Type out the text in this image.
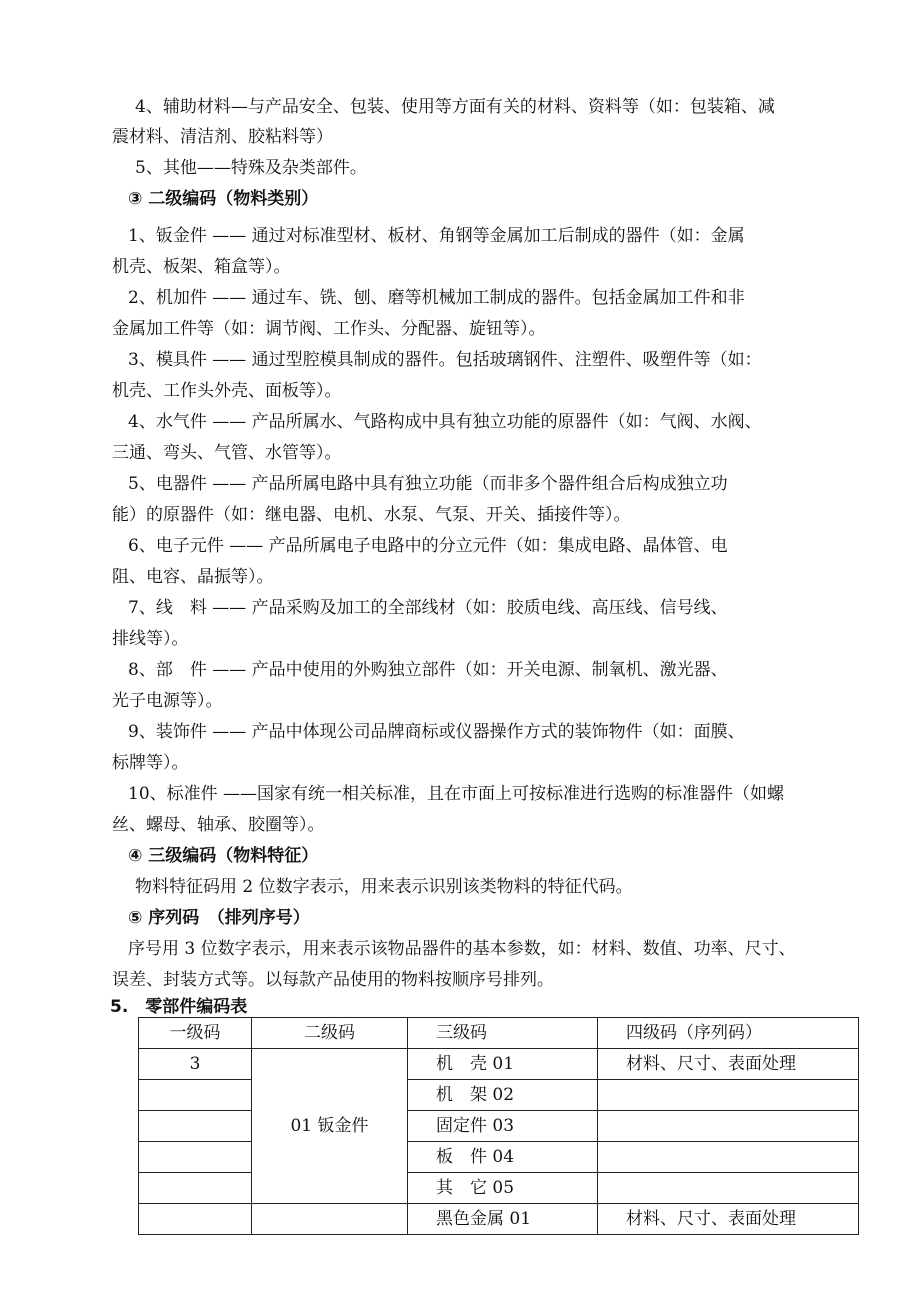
4、辅助材料—与产品安全、包装、使用等方面有关的材料、资料等（如：包装箱、减
震材料、清洁剂、胶粘料等）
5、其他——特殊及杂类部件。
③ 二级编码（物料类别）
1、钣金件 —— 通过对标准型材、板材、角钢等金属加工后制成的器件（如：金属
机壳、板架、箱盒等）。
2、机加件 —— 通过车、铣、刨、磨等机械加工制成的器件。包括金属加工件和非
金属加工件等（如：调节阀、工作头、分配器、旋钮等）。
3、模具件 —— 通过型腔模具制成的器件。包括玻璃钢件、注塑件、吸塑件等（如：
机壳、工作头外壳、面板等）。
4、水气件 —— 产品所属水、气路构成中具有独立功能的原器件（如：气阀、水阀、
三通、弯头、气管、水管等）。
5、电器件 —— 产品所属电路中具有独立功能（而非多个器件组合后构成独立功
能）的原器件（如：继电器、电机、水泵、气泵、开关、插接件等）。
6、电子元件 —— 产品所属电子电路中的分立元件（如：集成电路、晶体管、电
阻、电容、晶振等）。
7、线　料 —— 产品采购及加工的全部线材（如：胶质电线、高压线、信号线、
排线等）。
8、部　件 —— 产品中使用的外购独立部件（如：开关电源、制氧机、激光器、
光子电源等）。
9、装饰件 —— 产品中体现公司品牌商标或仪器操作方式的装饰物件（如：面膜、
标牌等）。
10、标准件 ——国家有统一相关标准，且在市面上可按标准进行选购的标准器件（如螺
丝、螺母、轴承、胶圈等）。
④ 三级编码（物料特征）
物料特征码用 2 位数字表示，用来表示识别该类物料的特征代码。
⑤ 序列码　（排列序号）
序号用 3 位数字表示，用来表示该物品器件的基本参数，如：材料、数值、功率、尺寸、
误差、封装方式等。以每款产品使用的物料按顺序号排列。
5.　零部件编码表
一级码	二级码	三级码	四级码（序列码）
3	01 钣金件	机　壳 01	材料、尺寸、表面处理
		机　架 02	
		固定件 03	
		板　件 04	
		其　它 05	
		黑色金属 01	材料、尺寸、表面处理
